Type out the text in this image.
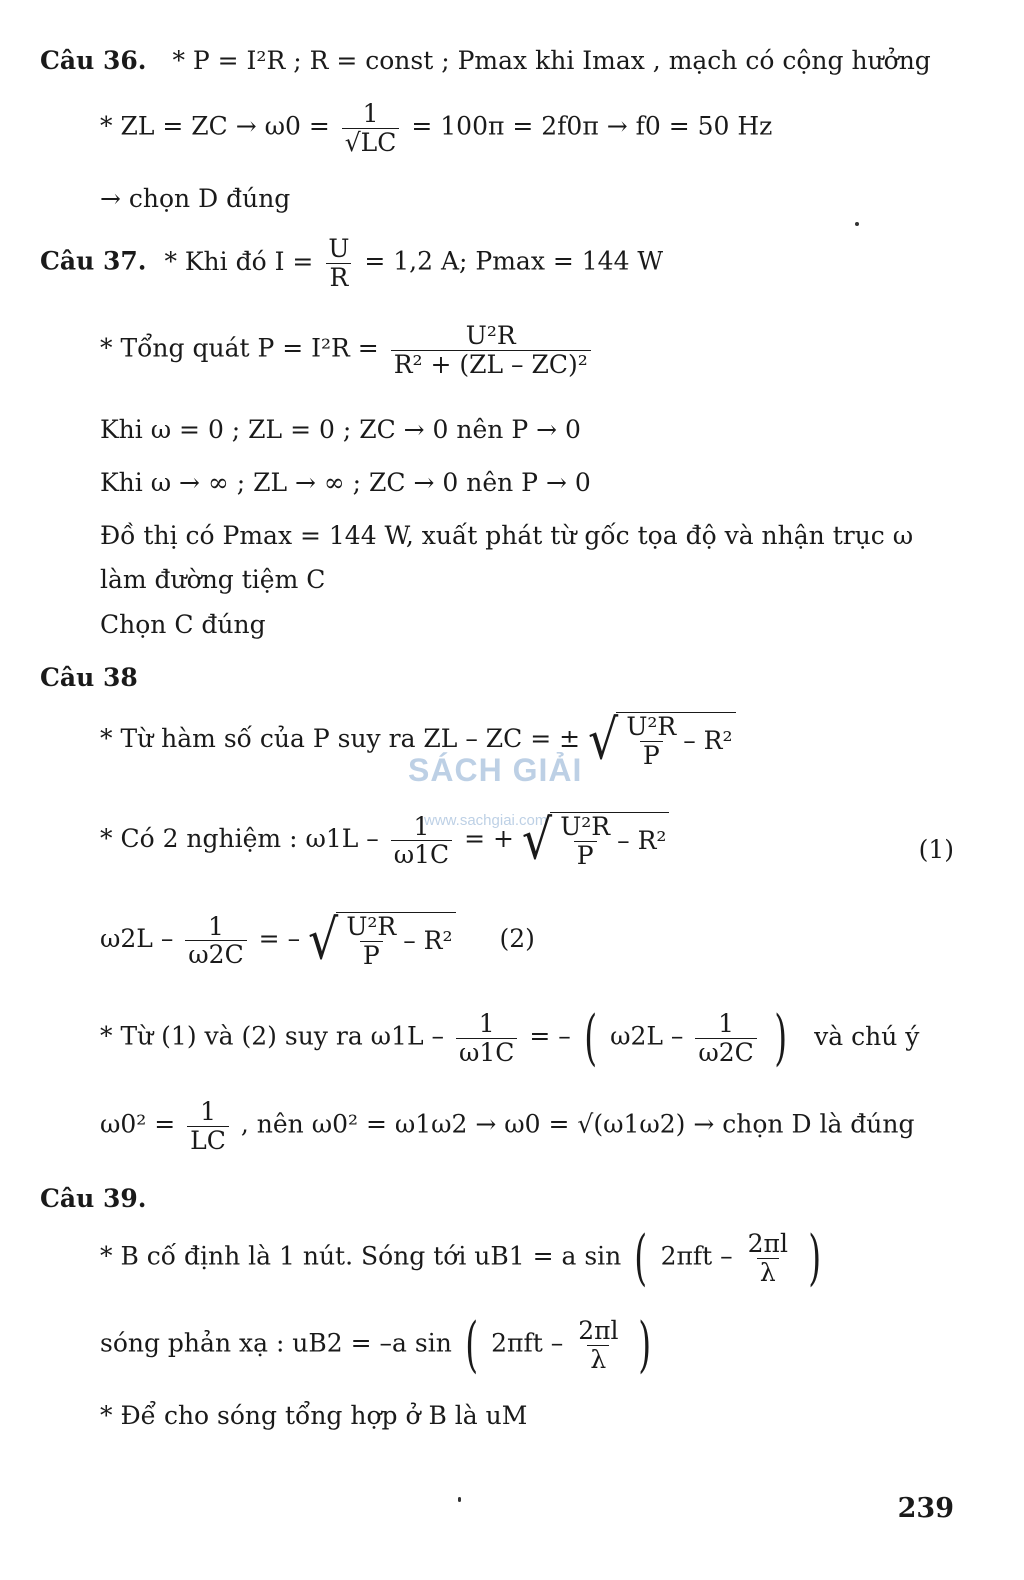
Câu 36. * P = I²R ; R = const ; Pmax khi Imax , mạch có cộng hưởng
* ZL = ZC → $\omega 0 = \frac{1}{√LC} = 100\pi = 2f0\pi \to f0 = 50$ Hz
→ chọn D đúng
Câu 37. * Khi đó $I = \frac{U}{R} = 1,2$ A; Pmax = 144 W
* Tổng quát $P = I^2R = \frac{\text{U²R}}{\text{R² + (ZL – ZC)²}}$
Khi ω = 0 ; ZL = 0 ; ZC → 0 nên P → 0
Khi ω → ∞ ; ZL → ∞ ; ZC → 0 nên P → 0
Đồ thị có Pmax = 144 W, xuất phát từ gốc tọa độ và nhận trục ω
làm đường tiệm C
Chọn C đúng
Câu 38
* Từ hàm số của P suy ra ZL – ZC = ± √ $\frac{\text{U²R}}{P} - R^2$
SÁCH GIẢI
www.sachgiai.com
* Có 2 nghiệm : $\omega 1L - \frac{1}{\omega 1C}$ = + √ $\frac{\text{U²R}}{P} - R^2$	(1)
$\omega 2L - \frac{1}{\omega 2C}$ = – √ $\frac{\text{U²R}}{P} - R^2$ (2)
* Từ (1) và (2) suy ra $\omega 1L - \frac{1}{\omega 1C}$ = – ( $\omega 2L - \frac{1}{\omega 2C}$ ) và chú ý
$\omega 0^2 = \frac{1}{LC}$ , nên ω0² = ω1ω2 → ω0 = √(ω1ω2) → chọn D là đúng
Câu 39.
* B cố định là 1 nút. Sóng tới uB1 = a sin ( $2\pi ft - \frac{2\pi l}{\lambda}$ )
sóng phản xạ : uB2 = –a sin ( $2\pi ft - \frac{2\pi l}{\lambda}$ )
* Để cho sóng tổng hợp ở B là uM
239
